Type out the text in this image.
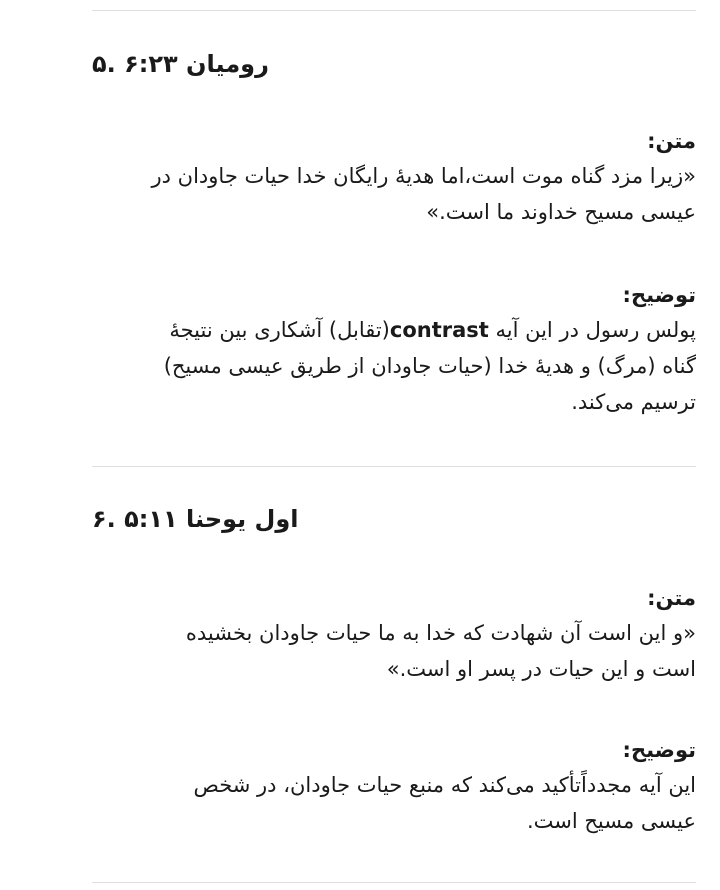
۵. رومیان ۶:۲۳

متن:

«زیرا مزد گناه موت است،اما هدیهٔ رایگان خدا حیات جاودان در

عیسی مسیح خداوند ما است.»

توضیح:

پولس رسول در این آیه contrast(تقابل) آشکاری بین نتیجهٔ

گناه (مرگ) و هدیهٔ خدا (حیات جاودان از طریق عیسی مسیح)

ترسیم می‌کند.

۶. اول یوحنا ۵:۱۱

متن:

«و این است آن شهادت که خدا به ما حیات جاودان بخشیده

است و این حیات در پسر او است.»

توضیح:

این آیه مجدداًتأکید می‌کند که منبع حیات جاودان، در شخص

عیسی مسیح است.
